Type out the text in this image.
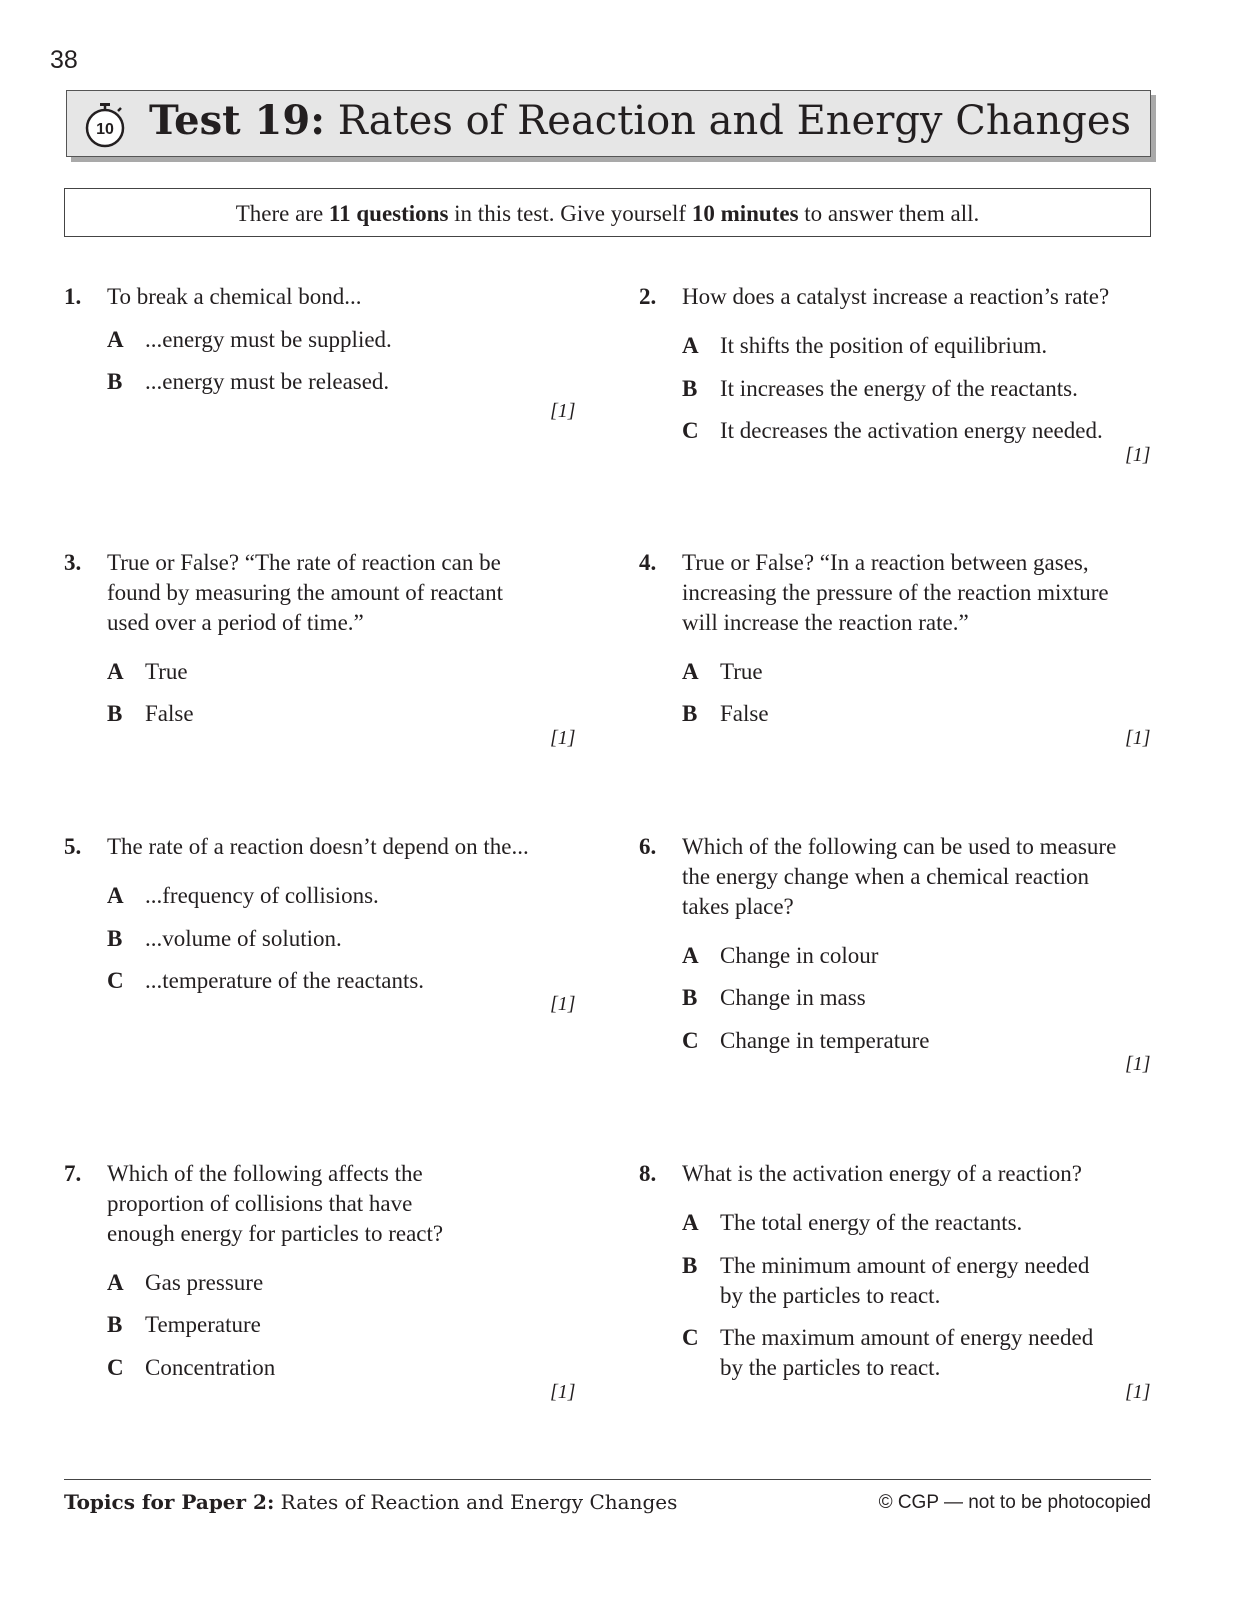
38
10 Test 19: Rates of Reaction and Energy Changes
There are 11 questions in this test. Give yourself 10 minutes to answer them all.
1. To break a chemical bond...
A ...energy must be supplied.
B ...energy must be released.
[1]
2. How does a catalyst increase a reaction’s rate?
A It shifts the position of equilibrium.
B It increases the energy of the reactants.
C It decreases the activation energy needed.
[1]
3. True or False? “The rate of reaction can be
found by measuring the amount of reactant
used over a period of time.”
A True
B False
[1]
4. True or False? “In a reaction between gases,
increasing the pressure of the reaction mixture
will increase the reaction rate.”
A True
B False
[1]
5. The rate of a reaction doesn’t depend on the...
A ...frequency of collisions.
B ...volume of solution.
C ...temperature of the reactants.
[1]
6. Which of the following can be used to measure
the energy change when a chemical reaction
takes place?
A Change in colour
B Change in mass
C Change in temperature
[1]
7. Which of the following affects the
proportion of collisions that have
enough energy for particles to react?
A Gas pressure
B Temperature
C Concentration
[1]
8. What is the activation energy of a reaction?
A The total energy of the reactants.
B The minimum amount of energy needed
by the particles to react.
C The maximum amount of energy needed
by the particles to react.
[1]
Topics for Paper 2: Rates of Reaction and Energy Changes	© CGP — not to be photocopied
